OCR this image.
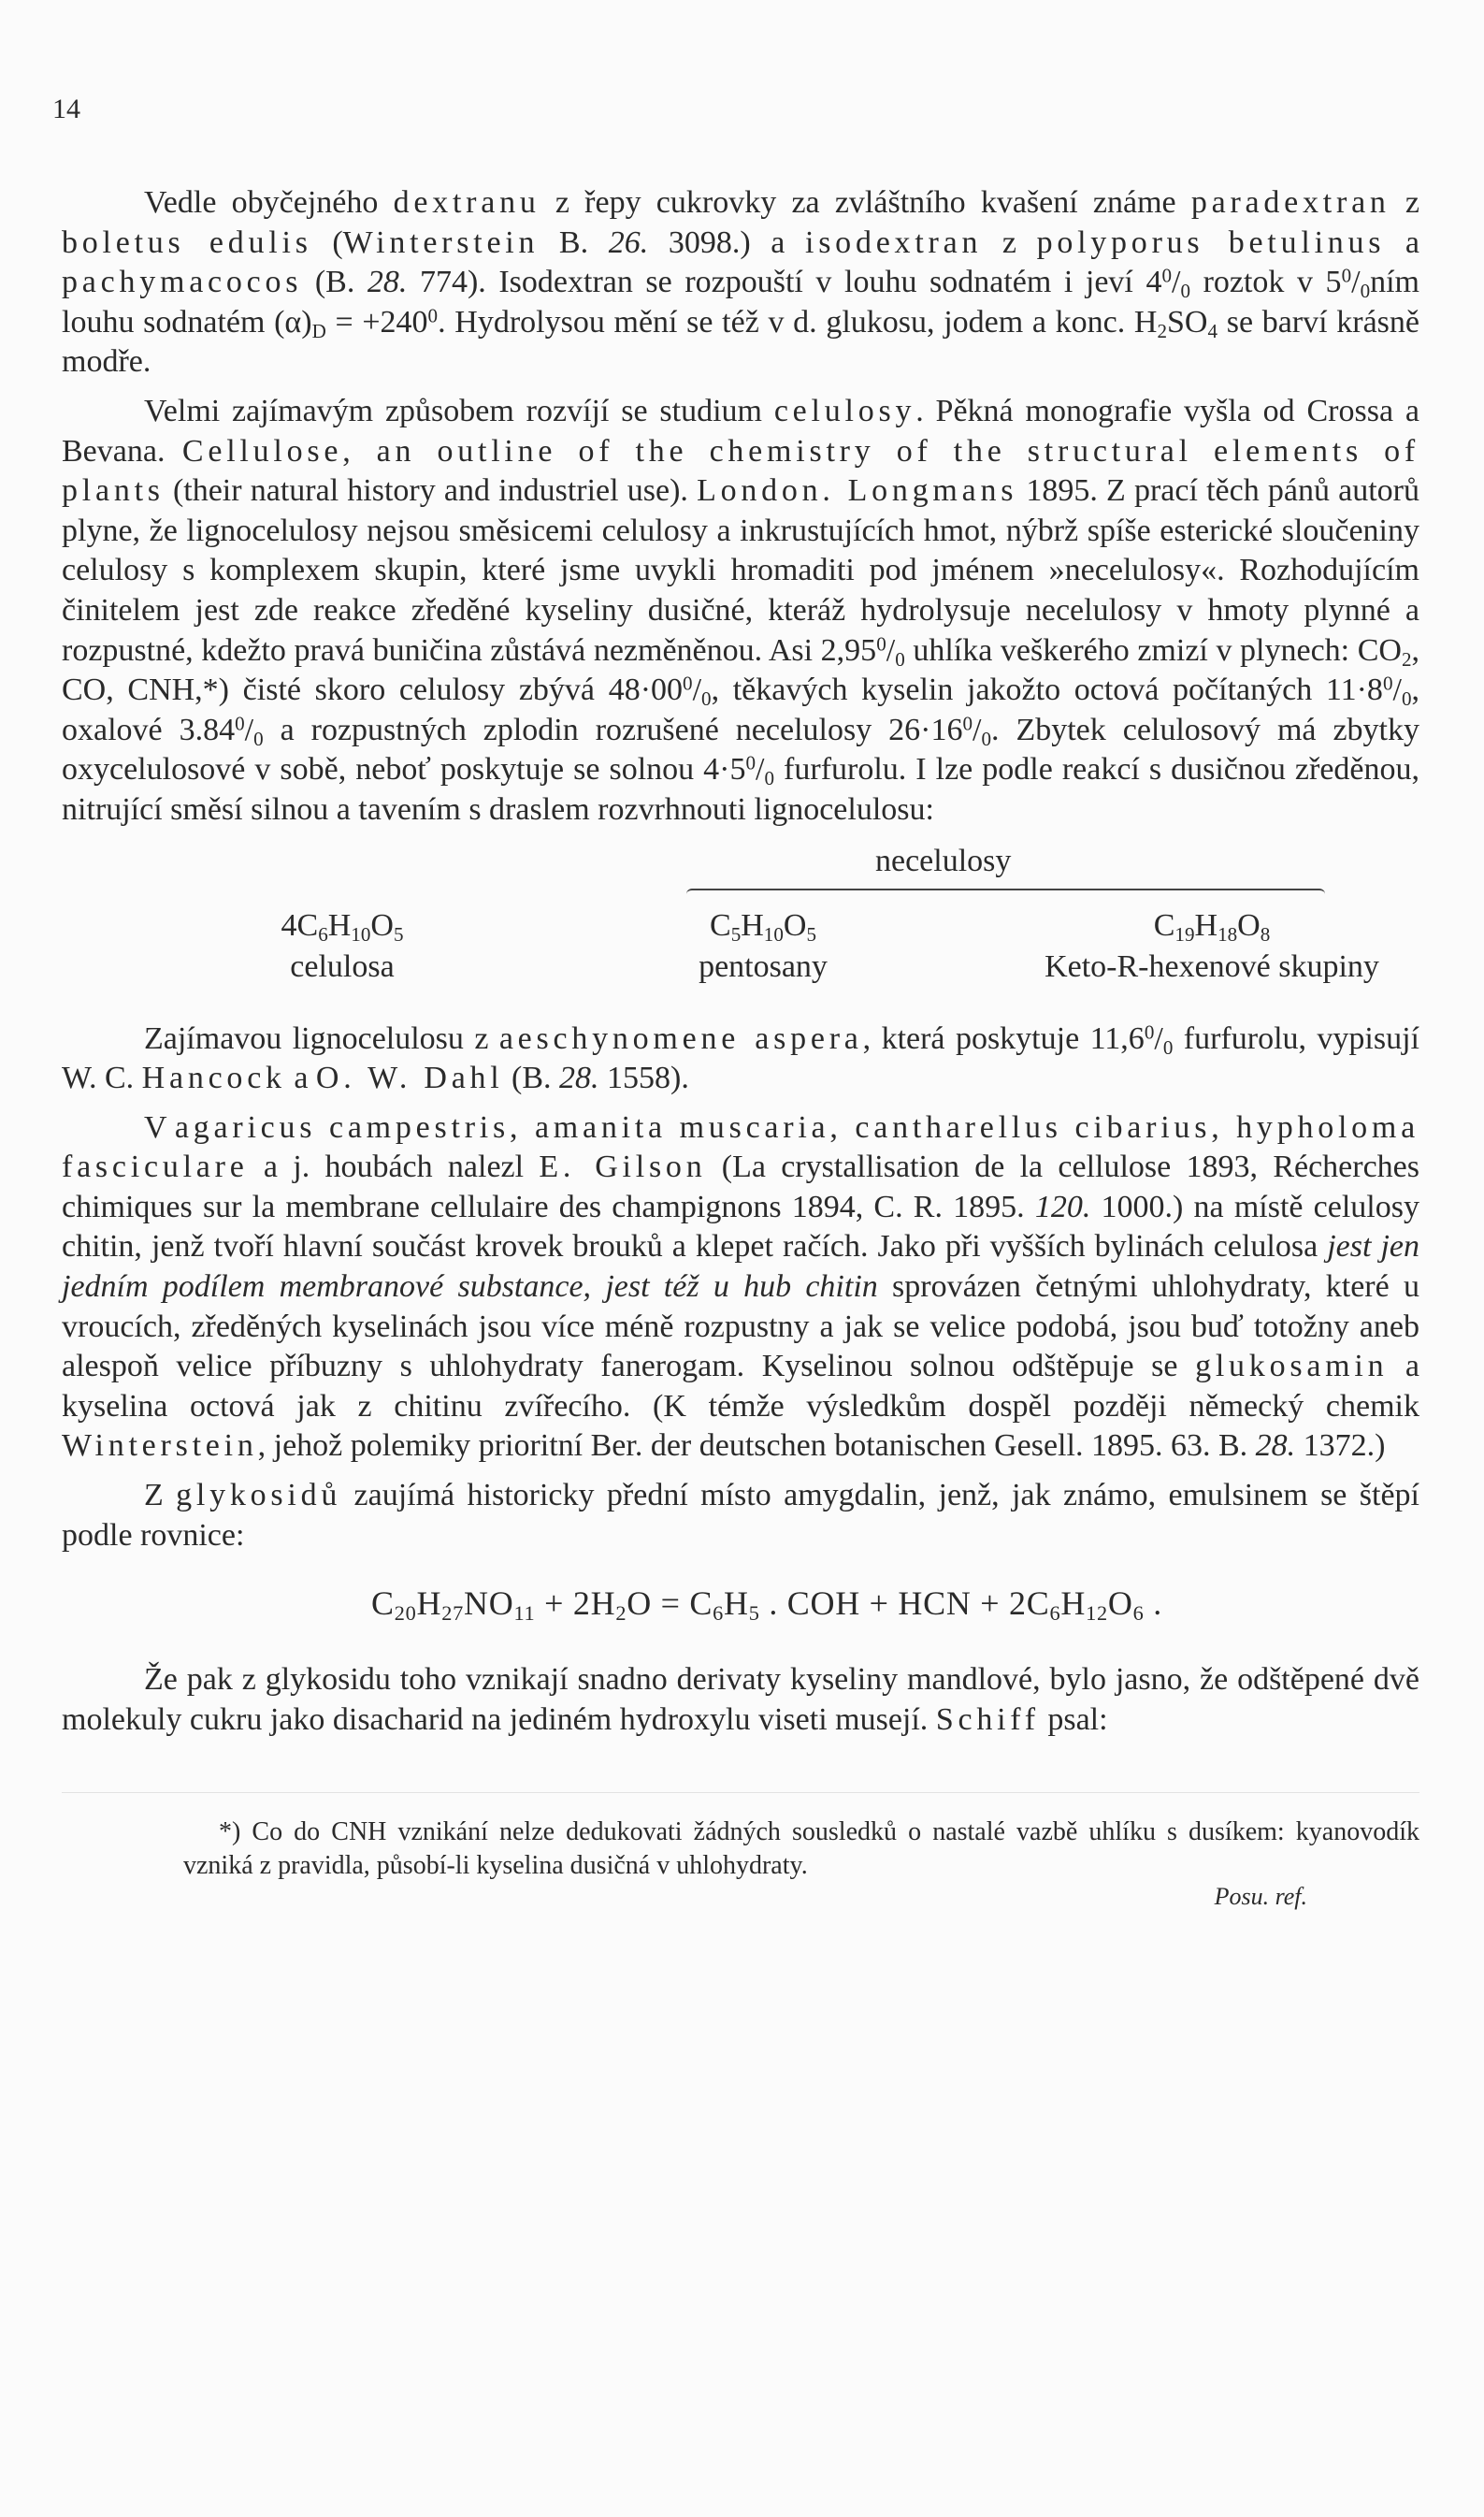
14

Vedle obyčejného dextranu z řepy cukrovky za zvláštního kvašení známe paradextran z boletus edulis (Winterstein B. 26. 3098.) a isodextran z polyporus betulinus a pachymacocos (B. 28. 774). Isodextran se rozpouští v louhu sodnatém i jeví $4^0/_0$ roztok v $5^0/_0ním$ louhu sodnatém $(\alpha)_D = +240^0$. Hydrolysou mění se též v d. glukosu, jodem a konc. $H_2SO_4$ se barví krásně modře.

Velmi zajímavým způsobem rozvíjí se studium celulosy. Pěkná monografie vyšla od Crossa a Bevana. Cellulose, an outline of the chemistry of the structural elements of plants (their natural history and industriel use). London. Longmans 1895. Z prací těch pánů autorů plyne, že lignocelulosy nejsou směsicemi celulosy a inkrustujících hmot, nýbrž spíše esterické sloučeniny celulosy s komplexem skupin, které jsme uvykli hromaditi pod jménem »necelulosy«. Rozhodujícím činitelem jest zde reakce zředěné kyseliny dusičné, kteráž hydrolysuje necelulosy v hmoty plynné a rozpustné, kdežto pravá buničina zůstává nezměněnou. Asi $2,95^0/_0$ uhlíka veškerého zmizí v plynech: $CO_2$, CO, CNH,*) čisté skoro celulosy zbývá $48\cdot 00^0/_0$, těkavých kyselin jakožto octová počítaných $11\cdot 8^0/_0$, oxalové $3.84^0/_0$ a rozpustných zplodin rozrušené necelulosy $26\cdot 16^0/_0$. Zbytek celulosový má zbytky oxycelulosové v sobě, neboť poskytuje se solnou $4\cdot 5^0/_0$ furfurolu. I lze podle reakcí s dusičnou zředěnou, nitrující směsí silnou a tavením s draslem rozvrhnouti lignocelulosu:

necelulosy
$4C_6H_{10}O_5$
celulosa
$C_5H_{10}O_5$
pentosany
$C_{19}H_{18}O_8$
Keto-R-hexenové skupiny

Zajímavou lignocelulosu z aeschynomene aspera, která poskytuje $11,6^0/_0$ furfurolu, vypisují W. C. Hancock a O. W. Dahl (B. 28. 1558).

V agaricus campestris, amanita muscaria, cantharellus cibarius, hypholoma fasciculare a j. houbách nalezl E. Gilson (La crystallisation de la cellulose 1893, Récherches chimiques sur la membrane cellulaire des champignons 1894, C. R. 1895. 120. 1000.) na místě celulosy chitin, jenž tvoří hlavní součást krovek brouků a klepet račích. Jako při vyšších bylinách celulosa jest jen jedním podílem membranové substance, jest též u hub chitin sprovázen četnými uhlohydraty, které u vroucích, zředěných kyselinách jsou více méně rozpustny a jak se velice podobá, jsou buď totožny aneb alespoň velice příbuzny s uhlohydraty fanerogam. Kyselinou solnou odštěpuje se glukosamin a kyselina octová jak z chitinu zvířecího. (K témže výsledkům dospěl později německý chemik Winterstein, jehož polemiky prioritní Ber. der deutschen botanischen Gesell. 1895. 63. B. 28. 1372.)

Z glykosidů zaujímá historicky přední místo amygdalin, jenž, jak známo, emulsinem se štěpí podle rovnice:

$C_{20}H_{27}NO_{11} + 2H_2O = C_6H_5$ . COH + HCN + $2C_6H_{12}O_6$ .

Že pak z glykosidu toho vznikají snadno derivaty kyseliny mandlové, bylo jasno, že odštěpené dvě molekuly cukru jako disacharid na jediném hydroxylu viseti musejí. Schiff psal:

*) Co do CNH vznikání nelze dedukovati žádných sousledků o nastalé vazbě uhlíku s dusíkem: kyanovodík vzniká z pravidla, působí-li kyselina dusičná v uhlohydraty.

Posu. ref.
